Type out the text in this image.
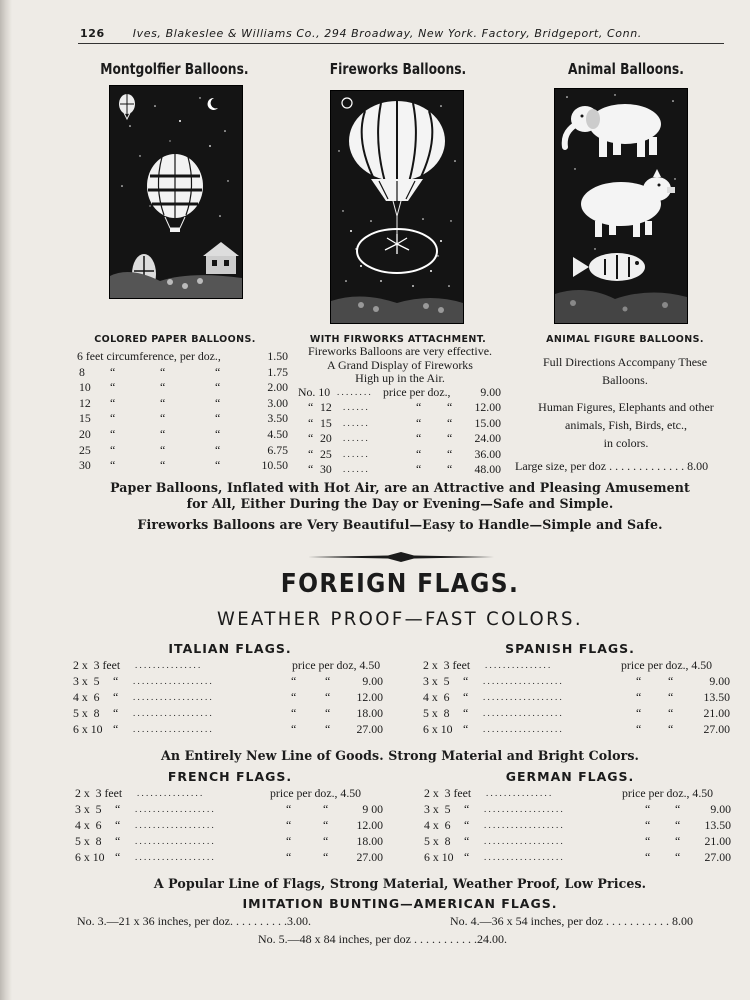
126	Ives, Blakeslee & Williams Co., 294 Broadway, New York. Factory, Bridgeport, Conn.
Montgolfier Balloons.	Fireworks Balloons.	Animal Balloons.
COLORED PAPER BALLOONS.
6 feet circumference, per doz.,	1.50
8 “	“	“	1.75
10 “	“	“	2.00
12 “	“	“	3.00
15 “	“	“	3.50
20 “	“	“	4.50
25 “	“	“	6.75
30 “	“	“	10.50
WITH FIRWORKS ATTACHMENT.
Fireworks Balloons are very effective.
A Grand Display of Fireworks
High up in the Air.
No. 10 . . . . . . . . price per doz.,	9.00
“ 12 . . . . . .	“ “	12.00
“ 15 . . . . . .	“ “	15.00
“ 20 . . . . . .	“ “	24.00
“ 25 . . . . . .	“ “	36.00
“ 30 . . . . . .	“ “	48.00
ANIMAL FIGURE BALLOONS.
Full Directions Accompany These
Balloons.
Human Figures, Elephants and other
animals, Fish, Birds, etc.,
in colors.
Large size, per doz . . . . . . . . . . . . . 8.00
Paper Balloons, Inflated with Hot Air, are an Attractive and Pleasing Amusement
for All, Either During the Day or Evening—Safe and Simple.
Fireworks Balloons are Very Beautiful—Easy to Handle—Simple and Safe.
FOREIGN FLAGS.
WEATHER PROOF—FAST COLORS.
ITALIAN FLAGS.	SPANISH FLAGS.
2 x  3 feet . . . . . . . . . . . . . . .	price per doz, 4.50
3 x  5 “ . . . . . . . . . . . . . . . . . .	“ “	9.00
4 x  6 “ . . . . . . . . . . . . . . . . . .	“ “	12.00
5 x  8 “ . . . . . . . . . . . . . . . . . .	“ “	18.00
6 x 10 “ . . . . . . . . . . . . . . . . . .	“ “	27.00
2 x  3 feet . . . . . . . . . . . . . . .	price per doz., 4.50
3 x  5 “ . . . . . . . . . . . . . . . . . .	“ “	9.00
4 x  6 “ . . . . . . . . . . . . . . . . . .	“ “	13.50
5 x  8 “ . . . . . . . . . . . . . . . . . .	“ “	21.00
6 x 10 “ . . . . . . . . . . . . . . . . . .	“ “	27.00
An Entirely New Line of Goods. Strong Material and Bright Colors.
FRENCH FLAGS.	GERMAN FLAGS.
2 x  3 feet . . . . . . . . . . . . . . .	price per doz., 4.50
3 x  5 “ . . . . . . . . . . . . . . . . . .	“	“	9 00
4 x  6 “ . . . . . . . . . . . . . . . . . .	“	“	12.00
5 x  8 “ . . . . . . . . . . . . . . . . . .	“	“	18.00
6 x 10 “ . . . . . . . . . . . . . . . . . .	“	“	27.00
2 x  3 feet . . . . . . . . . . . . . . .	price per doz., 4.50
3 x  5 “ . . . . . . . . . . . . . . . . . .	“ “	9.00
4 x  6 “ . . . . . . . . . . . . . . . . . .	“ “	13.50
5 x  8 “ . . . . . . . . . . . . . . . . . .	“ “	21.00
6 x 10 “ . . . . . . . . . . . . . . . . . .	“ “	27.00
A Popular Line of Flags, Strong Material, Weather Proof, Low Prices.
IMITATION BUNTING—AMERICAN FLAGS.
No. 3.—21 x 36 inches, per doz. . . . . . . . . .3.00.	No. 4.—36 x 54 inches, per doz . . . . . . . . . . . 8.00
No. 5.—48 x 84 inches, per doz . . . . . . . . . . .24.00.
